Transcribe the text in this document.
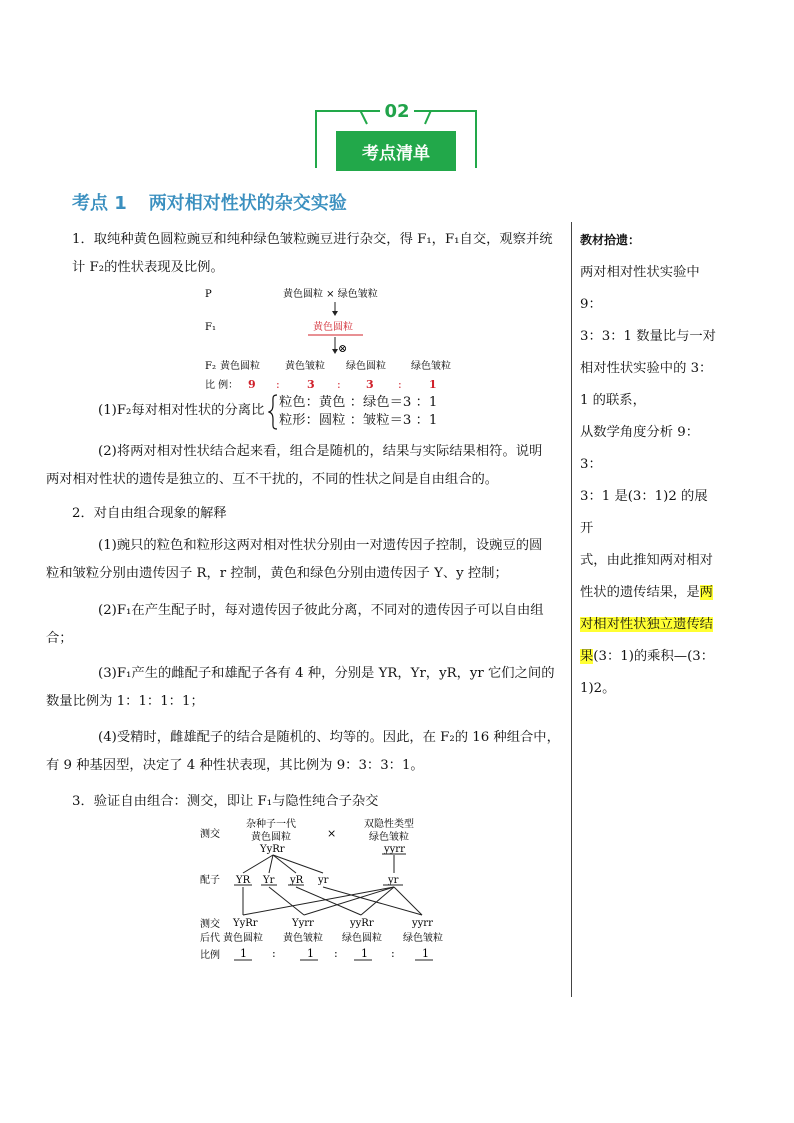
02
考点清单
考点 1 两对相对性状的杂交实验

1．取纯种黄色圆粒豌豆和纯种绿色皱粒豌豆进行杂交，得 F₁，F₁自交，观察并统
计 F₂的性状表现及比例。

P	黄色圆粒 × 绿色皱粒
F₁	黄色圆粒
⊗
F₂ 黄色圆粒	黄色皱粒 绿色圆粒	绿色皱粒
比 例： 9 : 3 : 3 : 1
(1)F₂每对相对性状的分离比
粒色：黄色 ：绿色＝3 ：1
粒形：圆粒 ：皱粒＝3 ：1

(2)将两对相对性状结合起来看，组合是随机的，结果与实际结果相符。说明
两对相对性状的遗传是独立的、互不干扰的，不同的性状之间是自由组合的。

2．对自由组合现象的解释

(1)豌只的粒色和粒形这两对相对性状分别由一对遗传因子控制，设豌豆的圆
粒和皱粒分别由遗传因子 R，r 控制，黄色和绿色分别由遗传因子 Y、y 控制；

(2)F₁在产生配子时，每对遗传因子彼此分离，不同对的遗传因子可以自由组
合；

(3)F₁产生的雌配子和雄配子各有 4 种，分别是 YR，Yr，yR，yr 它们之间的
数量比例为 1：1：1：1；

(4)受精时，雌雄配子的结合是随机的、均等的。因此，在 F₂的 16 种组合中，
有 9 种基因型，决定了 4 种性状表现，其比例为 9：3：3：1。

3．验证自由组合：测交，即让 F₁与隐性纯合子杂交

测交
杂种子一代
黄色圆粒
YyRr
×
双隐性类型
绿色皱粒
yyrr
配子 YR Yr yR yr	yr
测交
后代
YyRr	Yyrr	yyRr	yyrr
黄色圆粒 黄色皱粒 绿色圆粒 绿色皱粒
比例 1 :	1 : 1 : 1
教材拾遗：
两对相对性状实验中 9：
3：3：1 数量比与一对
相对性状实验中的 3：
1 的联系，
从数学角度分析 9：3：
3：1 是(3：1)2 的展开
式，由此推知两对相对
性状的遗传结果，是两
对相对性状独立遗传结
果(3：1)的乘积—(3：
1)2。
